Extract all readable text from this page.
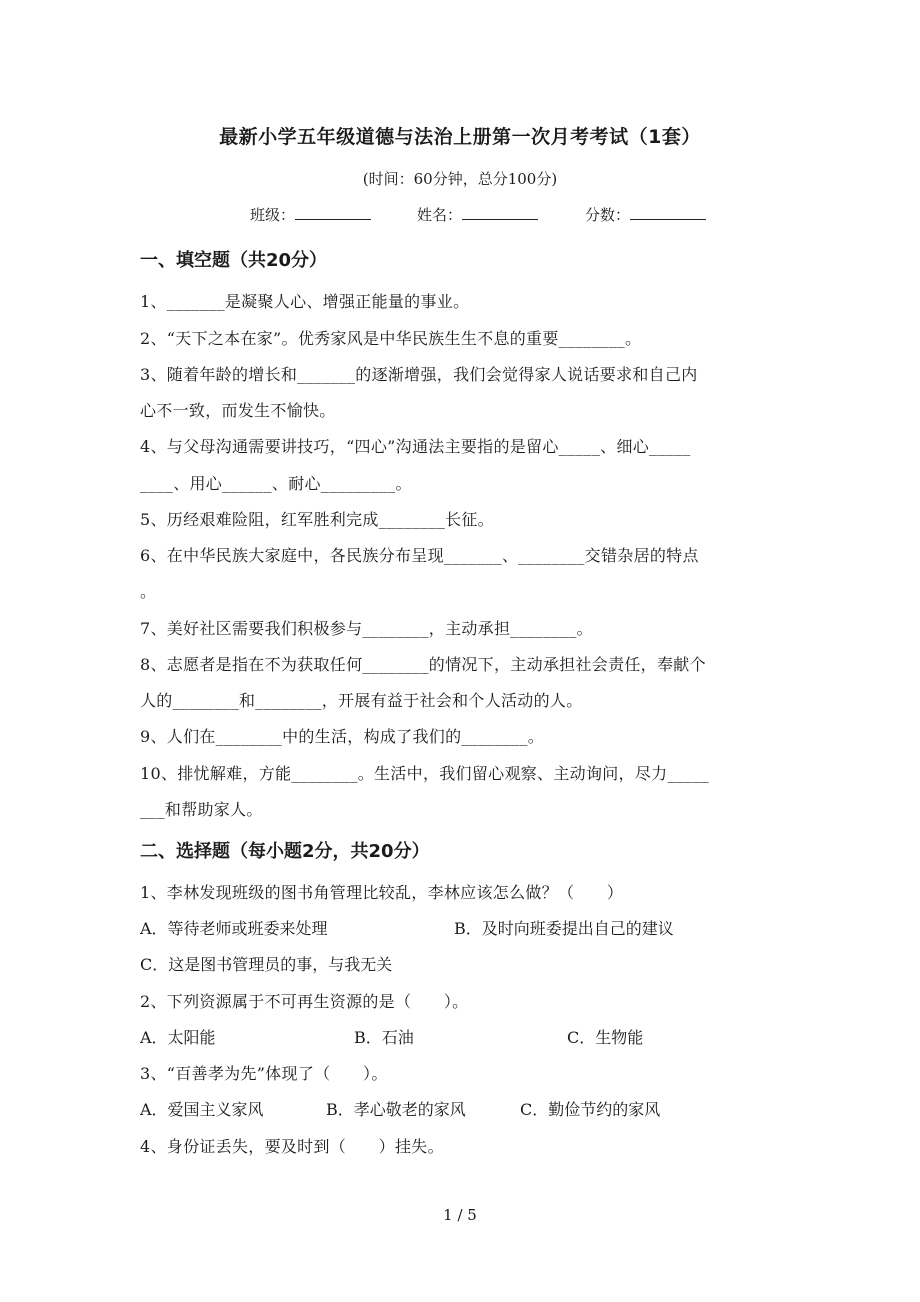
最新小学五年级道德与法治上册第一次月考考试（1套）
(时间：60分钟，总分100分)
班级：	姓名：	分数：
一、填空题（共20分）
1、_______是凝聚人心、增强正能量的事业。
2、“天下之本在家”。优秀家风是中华民族生生不息的重要________。
3、随着年龄的增长和_______的逐渐增强，我们会觉得家人说话要求和自己内
心不一致，而发生不愉快。
4、与父母沟通需要讲技巧，“四心”沟通法主要指的是留心_____、细心_____
____、用心______、耐心_________。
5、历经艰难险阻，红军胜利完成________长征。
6、在中华民族大家庭中，各民族分布呈现_______、________交错杂居的特点
。
7、美好社区需要我们积极参与________，主动承担________。
8、志愿者是指在不为获取任何________的情况下，主动承担社会责任，奉献个
人的________和________，开展有益于社会和个人活动的人。
9、人们在________中的生活，构成了我们的________。
10、排忧解难，方能________。生活中，我们留心观察、主动询问，尽力_____
___和帮助家人。
二、选择题（每小题2分，共20分）
1、李林发现班级的图书角管理比较乱，李林应该怎么做？（　　）
A．等待老师或班委来处理	B．及时向班委提出自己的建议
C．这是图书管理员的事，与我无关
2、下列资源属于不可再生资源的是（　　）。
A．太阳能	B．石油	C．生物能
3、“百善孝为先”体现了（　　）。
A．爱国主义家风	B．孝心敬老的家风	C．勤俭节约的家风
4、身份证丢失，要及时到（　　）挂失。
1 / 5
